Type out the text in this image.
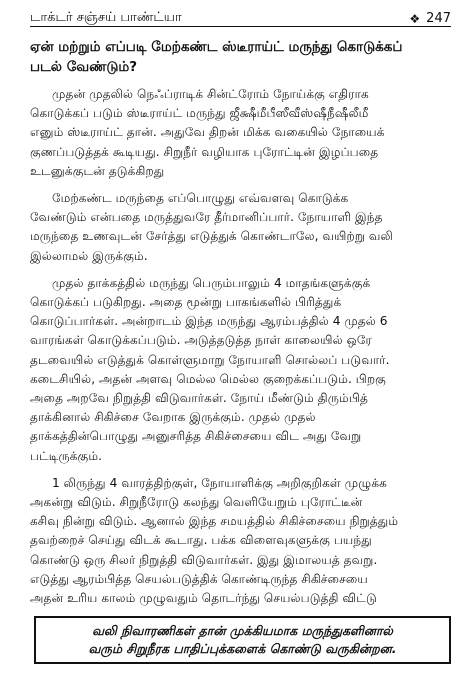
டாக்டர் சஞ்சய் பாண்ட்யா	❖ 247
ஏன் மற்றும் எப்படி மேற்கண்ட ஸ்டீராய்ட் மருந்து கொடுக்கப்
படல் வேண்டும்?
முதன் முதலில் நெஃப்ராடிக் சின்ட்ரோம் நோய்க்கு எதிராக
கொடுக்கப் படும் ஸ்டீராய்ட் மருந்து ஜீக்ஷீமீபீஸீவீஸ்ஷீநீஷீலீமீ
எனும் ஸ்டீராய்ட் தான். அதுவே திறன் மிக்க வகையில் நோயைக்
குணப்படுத்தக் கூடியது. சிறுநீர் வழியாக புரோட்டின் இழப்பதை
உடனுக்குடன் தடுக்கிறது
மேற்கண்ட மருந்தை எப்பொழுது எவ்வளவு கொடுக்க
வேண்டும் என்பதை மருத்துவரே தீர்மானிப்பார். நோயாளி இந்த
மருந்தை உணவுடன் சேர்த்து எடுத்துக் கொண்டாலே, வயிற்று வலி
இல்லாமல் இருக்கும்.
முதல் தாக்கத்தில் மருந்து பெரும்பாலும் 4 மாதங்களுக்குக்
கொடுக்கப் படுகிறது. அதை மூன்று பாகங்களில் பிரித்துக்
கொடுப்பார்கள். அன்றாடம் இந்த மருந்து ஆரம்பத்தில் 4 முதல் 6
வாரங்கள் கொடுக்கப்படும். அடுத்தடுத்த நாள் காலையில் ஒரே
தடவையில் எடுத்துக் கொள்ளுமாறு நோயாளி சொல்லப் படுவார்.
கடைசியில், அதன் அளவு மெல்ல மெல்ல குறைக்கப்படும். பிறகு
அதை அறவே நிறுத்தி விடுவார்கள். நோய் மீண்டும் திரும்பித்
தாக்கினால் சிகிச்சை வேறாக இருக்கும். முதல் முதல்
தாக்கத்தின்பொழுது அனுசரித்த சிகிச்சையை விட அது வேறு
பட்டிருக்கும்.
1 லிருந்து 4 வாரத்திற்குள், நோயாளிக்கு அறிகுறிகள் முழுக்க
அகன்று விடும். சிறுநீரோடு கலந்து வெளியேறும் புரோட்டீன்
கசிவு நின்று விடும். ஆனால் இந்த சமயத்தில் சிகிச்சையை நிறுத்தும்
தவற்றைச் செய்து விடக் கூடாது. பக்க விளைவுகளுக்கு பயந்து
கொண்டு ஒரு சிலர் நிறுத்தி விடுவார்கள். இது இமாலயத் தவறு.
எடுத்து ஆரம்பித்த செயல்படுத்திக் கொண்டிருந்த சிகிச்சையை
அதன் உரிய காலம் முழுவதும் தொடர்ந்து செயல்படுத்தி விட்டு
வலி நிவாரணிகள் தான் முக்கியமாக மருந்துகளினால்
வரும் சிறுநீரக பாதிப்புக்களைக் கொண்டு வருகின்றன.
